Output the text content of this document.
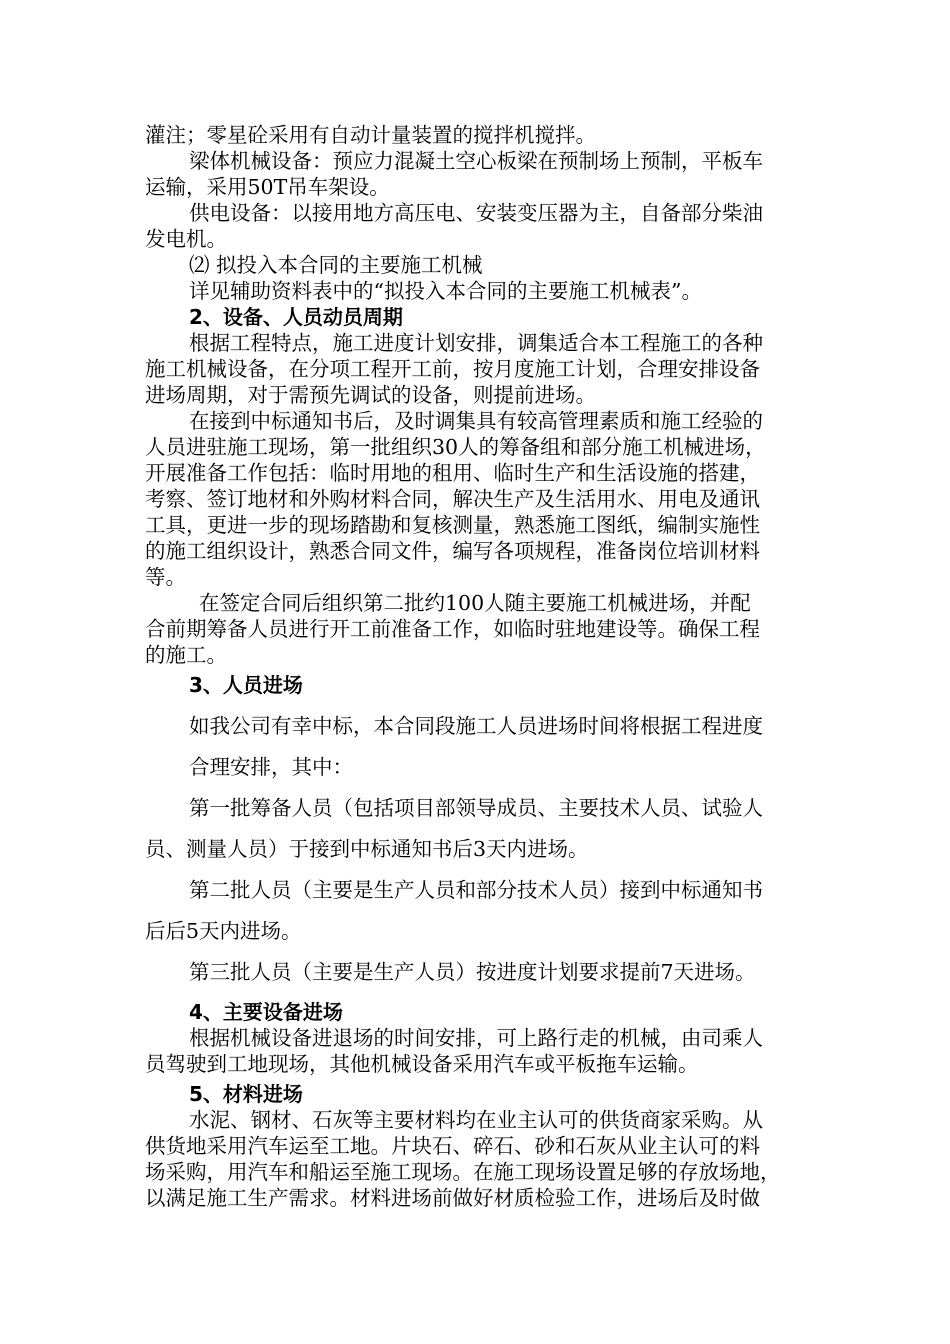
灌注；零星砼采用有自动计量装置的搅拌机搅拌。
梁体机械设备：预应力混凝土空心板梁在预制场上预制，平板车
运输，采用50T吊车架设。
供电设备：以接用地方高压电、安装变压器为主，自备部分柴油
发电机。
⑵ 拟投入本合同的主要施工机械
详见辅助资料表中的“拟投入本合同的主要施工机械表”。
2、设备、人员动员周期
根据工程特点，施工进度计划安排，调集适合本工程施工的各种
施工机械设备，在分项工程开工前，按月度施工计划，合理安排设备
进场周期，对于需预先调试的设备，则提前进场。
在接到中标通知书后，及时调集具有较高管理素质和施工经验的
人员进驻施工现场，第一批组织30人的筹备组和部分施工机械进场，
开展准备工作包括：临时用地的租用、临时生产和生活设施的搭建，
考察、签订地材和外购材料合同，解决生产及生活用水、用电及通讯
工具，更进一步的现场踏勘和复核测量，熟悉施工图纸，编制实施性
的施工组织设计，熟悉合同文件，编写各项规程，准备岗位培训材料
等。
在签定合同后组织第二批约100人随主要施工机械进场，并配
合前期筹备人员进行开工前准备工作，如临时驻地建设等。确保工程
的施工。
3、人员进场
如我公司有幸中标，本合同段施工人员进场时间将根据工程进度
合理安排，其中：
第一批筹备人员（包括项目部领导成员、主要技术人员、试验人
员、测量人员）于接到中标通知书后3天内进场。
第二批人员（主要是生产人员和部分技术人员）接到中标通知书
后后5天内进场。
第三批人员（主要是生产人员）按进度计划要求提前7天进场。
4、主要设备进场
根据机械设备进退场的时间安排，可上路行走的机械，由司乘人
员驾驶到工地现场，其他机械设备采用汽车或平板拖车运输。
5、材料进场
水泥、钢材、石灰等主要材料均在业主认可的供货商家采购。从
供货地采用汽车运至工地。片块石、碎石、砂和石灰从业主认可的料
场采购，用汽车和船运至施工现场。在施工现场设置足够的存放场地，
以满足施工生产需求。材料进场前做好材质检验工作，进场后及时做
